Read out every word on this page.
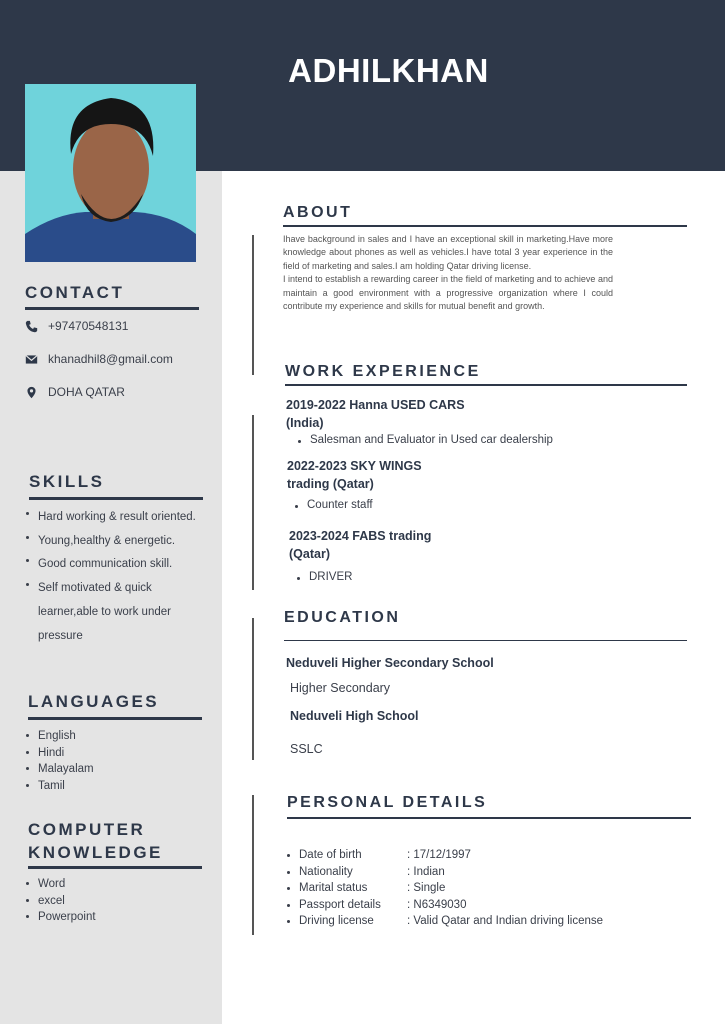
ADHILKHAN
CONTACT
+97470548131
khanadhil8@gmail.com
DOHA QATAR
SKILLS
Hard working & result oriented.
Young,healthy & energetic.
Good communication skill.
Self motivated & quick learner,able to work under pressure
LANGUAGES
English
Hindi
Malayalam
Tamil
COMPUTER KNOWLEDGE
Word
excel
Powerpoint
ABOUT
Ihave background in sales and I have an exceptional skill in marketing.Have more knowledge about phones as well as vehicles.I have total 3 year experience in the field of marketing and sales.I am holding Qatar driving license.
I intend to establish a rewarding career in the field of marketing and to achieve and maintain a good environment with a progressive organization where I could contribute my experience and skills for mutual benefit and growth.
WORK EXPERIENCE
2019-2022 Hanna USED CARS (India)
Salesman and Evaluator in Used car dealership
2022-2023 SKY WINGS trading (Qatar)
Counter staff
2023-2024 FABS trading (Qatar)
DRIVER
EDUCATION
Neduveli Higher Secondary School
Higher Secondary
Neduveli High School
SSLC
PERSONAL DETAILS
Date of birth	: 17/12/1997
Nationality	: Indian
Marital status	: Single
Passport details	: N6349030
Driving license	: Valid Qatar and Indian driving license
